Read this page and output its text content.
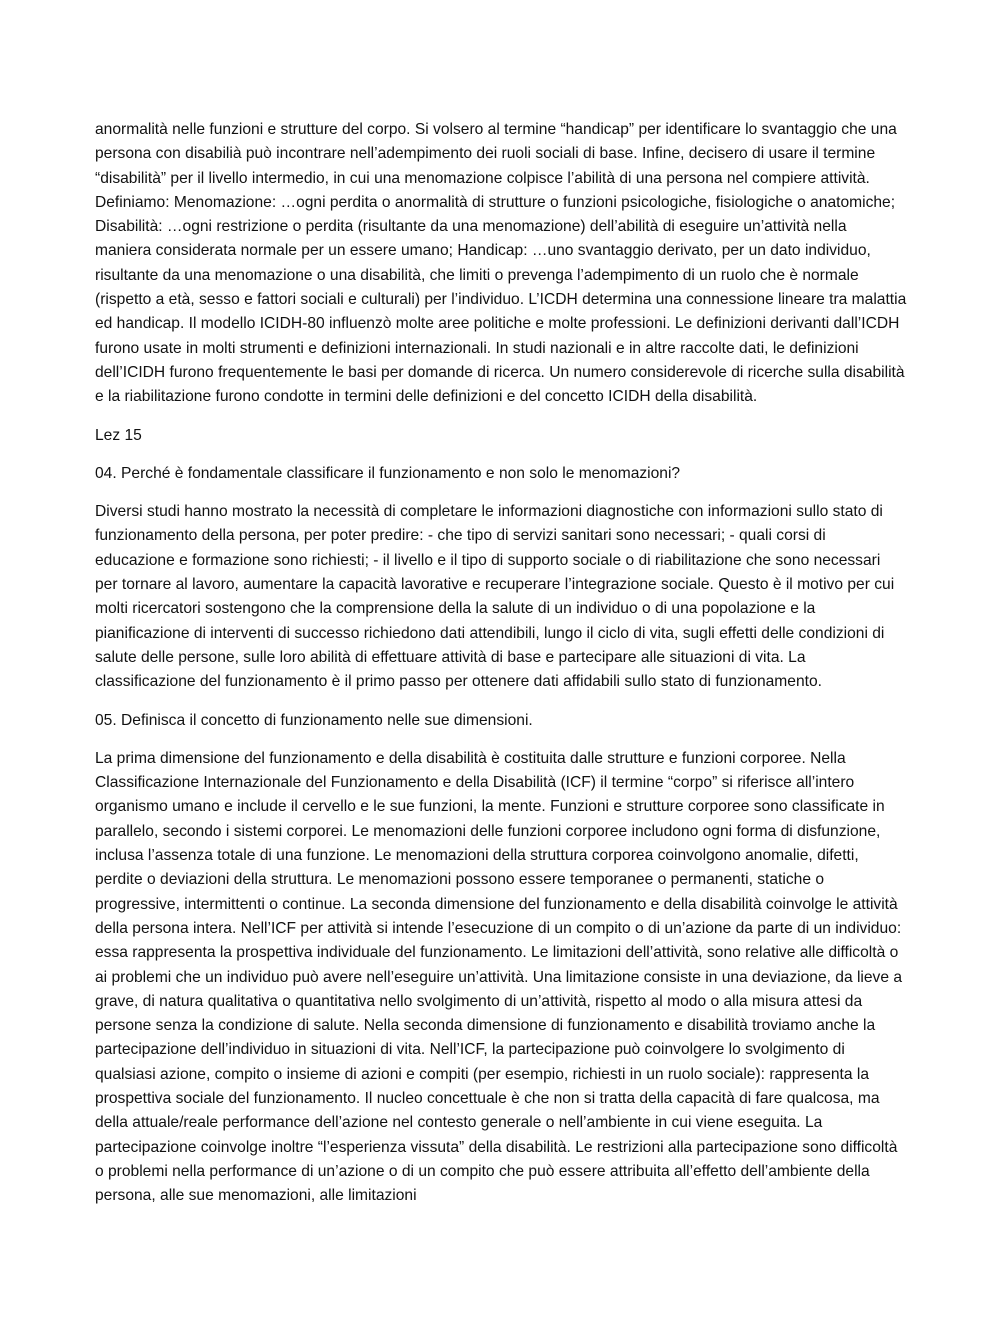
anormalità nelle funzioni e strutture del corpo. Si volsero al termine “handicap” per identificare lo svantaggio che una persona con disabilià può incontrare nell’adempimento dei ruoli sociali di base. Infine, decisero di usare il termine “disabilità” per il livello intermedio, in cui una menomazione colpisce l’abilità di una persona nel compiere attività. Definiamo: Menomazione: …ogni perdita o anormalità di strutture o funzioni psicologiche, fisiologiche o anatomiche; Disabilità: …ogni restrizione o perdita (risultante da una menomazione) dell’abilità di eseguire un’attività nella maniera considerata normale per un essere umano; Handicap: …uno svantaggio derivato, per un dato individuo, risultante da una menomazione o una disabilità, che limiti o prevenga l’adempimento di un ruolo che è normale (rispetto a età, sesso e fattori sociali e culturali) per l’individuo. L’ICDH determina una connessione lineare tra malattia ed handicap. Il modello ICIDH-80 influenzò molte aree politiche e molte professioni. Le definizioni derivanti dall’ICDH furono usate in molti strumenti e definizioni internazionali. In studi nazionali e in altre raccolte dati, le definizioni dell’ICIDH furono frequentemente le basi per domande di ricerca. Un numero considerevole di ricerche sulla disabilità e la riabilitazione furono condotte in termini delle definizioni e del concetto ICIDH della disabilità.

Lez 15

04. Perché è fondamentale classificare il funzionamento e non solo le menomazioni?

Diversi studi hanno mostrato la necessità di completare le informazioni diagnostiche con informazioni sullo stato di funzionamento della persona, per poter predire: - che tipo di servizi sanitari sono necessari; - quali corsi di educazione e formazione sono richiesti; - il livello e il tipo di supporto sociale o di riabilitazione che sono necessari per tornare al lavoro, aumentare la capacità lavorative e recuperare l’integrazione sociale. Questo è il motivo per cui molti ricercatori sostengono che la comprensione della la salute di un individuo o di una popolazione e la pianificazione di interventi di successo richiedono dati attendibili, lungo il ciclo di vita, sugli effetti delle condizioni di salute delle persone, sulle loro abilità di effettuare attività di base e partecipare alle situazioni di vita. La classificazione del funzionamento è il primo passo per ottenere dati affidabili sullo stato di funzionamento.

05. Definisca il concetto di funzionamento nelle sue dimensioni.

La prima dimensione del funzionamento e della disabilità è costituita dalle strutture e funzioni corporee. Nella Classificazione Internazionale del Funzionamento e della Disabilità (ICF) il termine “corpo” si riferisce all’intero organismo umano e include il cervello e le sue funzioni, la mente. Funzioni e strutture corporee sono classificate in parallelo, secondo i sistemi corporei. Le menomazioni delle funzioni corporee includono ogni forma di disfunzione, inclusa l’assenza totale di una funzione. Le menomazioni della struttura corporea coinvolgono anomalie, difetti, perdite o deviazioni della struttura. Le menomazioni possono essere temporanee o permanenti, statiche o progressive, intermittenti o continue. La seconda dimensione del funzionamento e della disabilità coinvolge le attività della persona intera. Nell’ICF per attività si intende l’esecuzione di un compito o di un’azione da parte di un individuo: essa rappresenta la prospettiva individuale del funzionamento. Le limitazioni dell’attività, sono relative alle difficoltà o ai problemi che un individuo può avere nell’eseguire un’attività. Una limitazione consiste in una deviazione, da lieve a grave, di natura qualitativa o quantitativa nello svolgimento di un’attività, rispetto al modo o alla misura attesi da persone senza la condizione di salute. Nella seconda dimensione di funzionamento e disabilità troviamo anche la partecipazione dell’individuo in situazioni di vita. Nell’ICF, la partecipazione può coinvolgere lo svolgimento di qualsiasi azione, compito o insieme di azioni e compiti (per esempio, richiesti in un ruolo sociale): rappresenta la prospettiva sociale del funzionamento. Il nucleo concettuale è che non si tratta della capacità di fare qualcosa, ma della attuale/reale performance dell’azione nel contesto generale o nell’ambiente in cui viene eseguita. La partecipazione coinvolge inoltre “l’esperienza vissuta” della disabilità. Le restrizioni alla partecipazione sono difficoltà o problemi nella performance di un’azione o di un compito che può essere attribuita all’effetto dell’ambiente della persona, alle sue menomazioni, alle limitazioni
